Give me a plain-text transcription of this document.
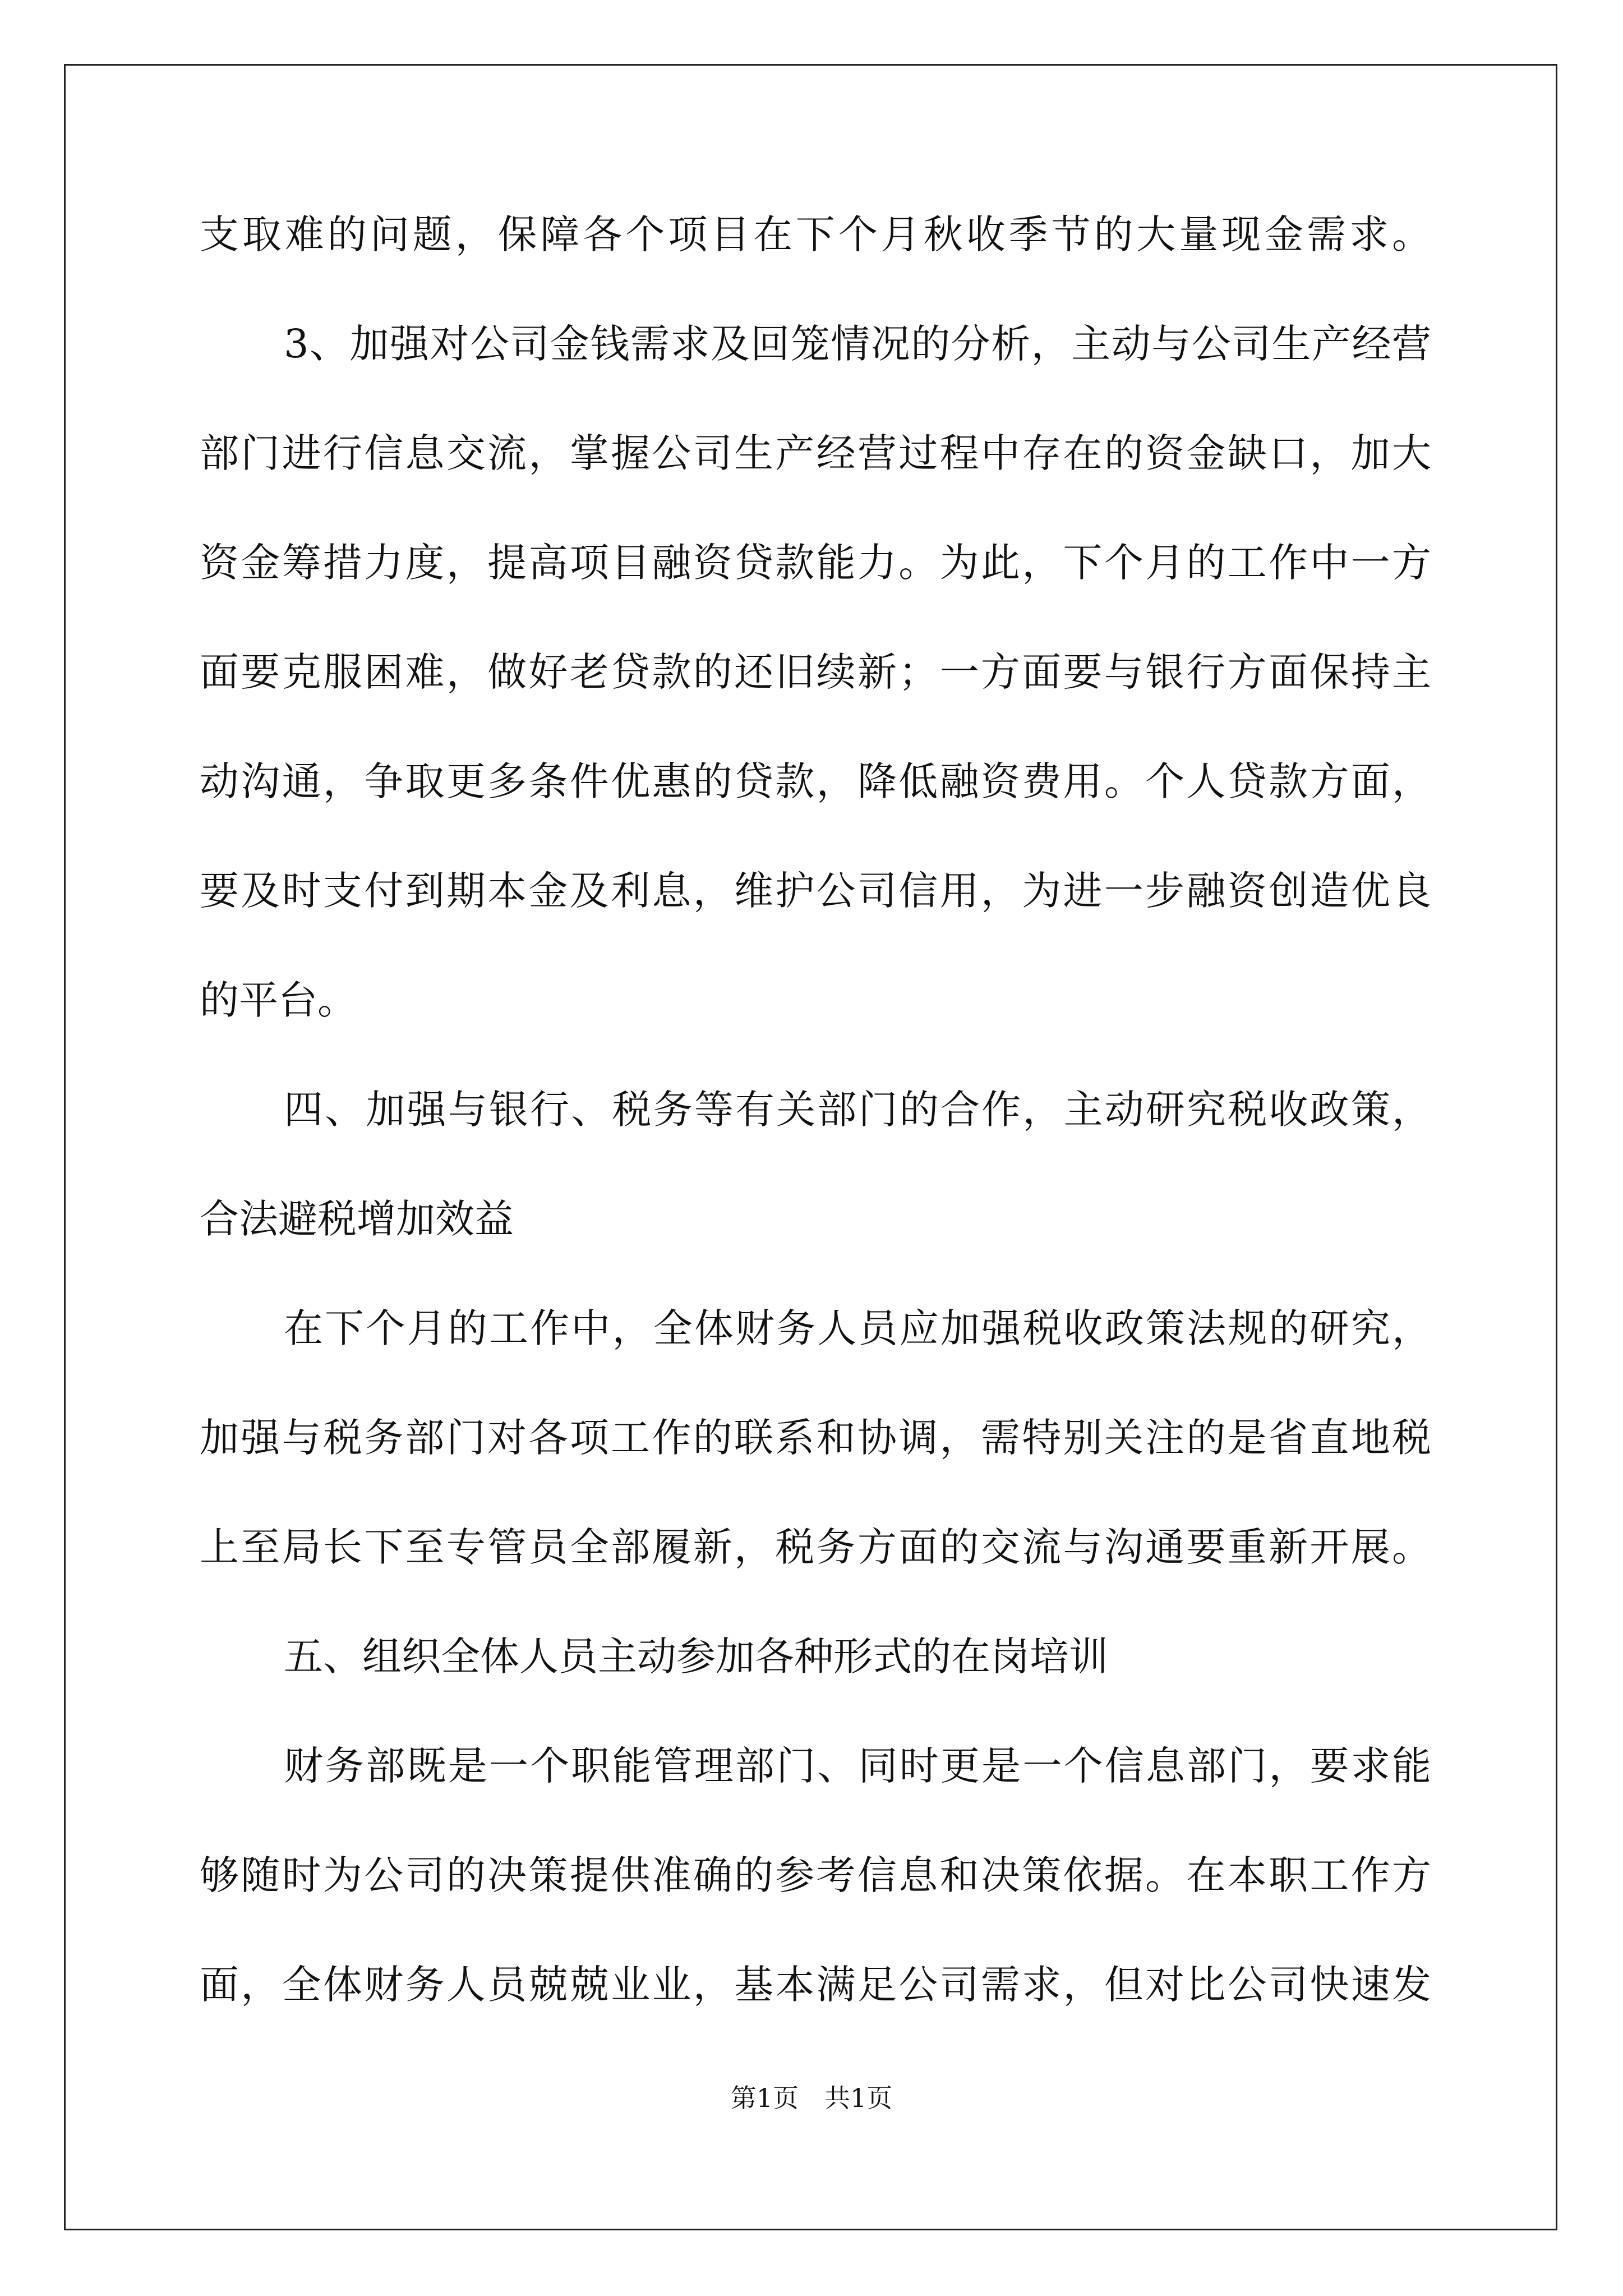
支取难的问题，保障各个项目在下个月秋收季节的大量现金需求。
3、加强对公司金钱需求及回笼情况的分析，主动与公司生产经营
部门进行信息交流，掌握公司生产经营过程中存在的资金缺口，加大
资金筹措力度，提高项目融资贷款能力。为此，下个月的工作中一方
面要克服困难，做好老贷款的还旧续新；一方面要与银行方面保持主
动沟通，争取更多条件优惠的贷款，降低融资费用。个人贷款方面，
要及时支付到期本金及利息，维护公司信用，为进一步融资创造优良
的平台。
四、加强与银行、税务等有关部门的合作，主动研究税收政策，
合法避税增加效益
在下个月的工作中，全体财务人员应加强税收政策法规的研究，
加强与税务部门对各项工作的联系和协调，需特别关注的是省直地税
上至局长下至专管员全部履新，税务方面的交流与沟通要重新开展。
五、组织全体人员主动参加各种形式的在岗培训
财务部既是一个职能管理部门、同时更是一个信息部门，要求能
够随时为公司的决策提供准确的参考信息和决策依据。在本职工作方
第1页　共1页
面，全体财务人员兢兢业业，基本满足公司需求，但对比公司快速发
